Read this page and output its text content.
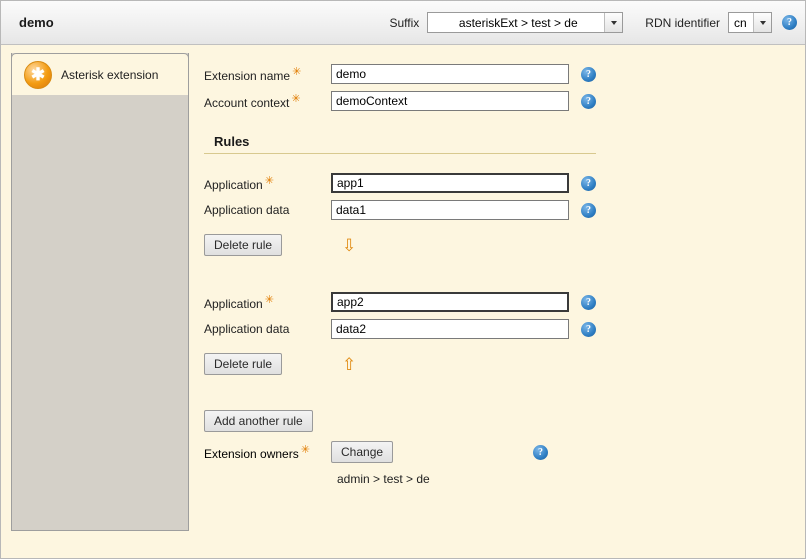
demo	Suffix	asteriskExt > test > de	RDN identifier	cn	?
✱	Asterisk extension	Extension name ✳
demo	?
Account context ✳
demoContext	?
Rules
Application ✳
app1	?
Application data
data1	?
Delete rule	⇩
Application ✳
app2	?
Application data
data2	?
Delete rule	⇧
Add another rule
Extension owners ✳	Change	?
admin > test > de
